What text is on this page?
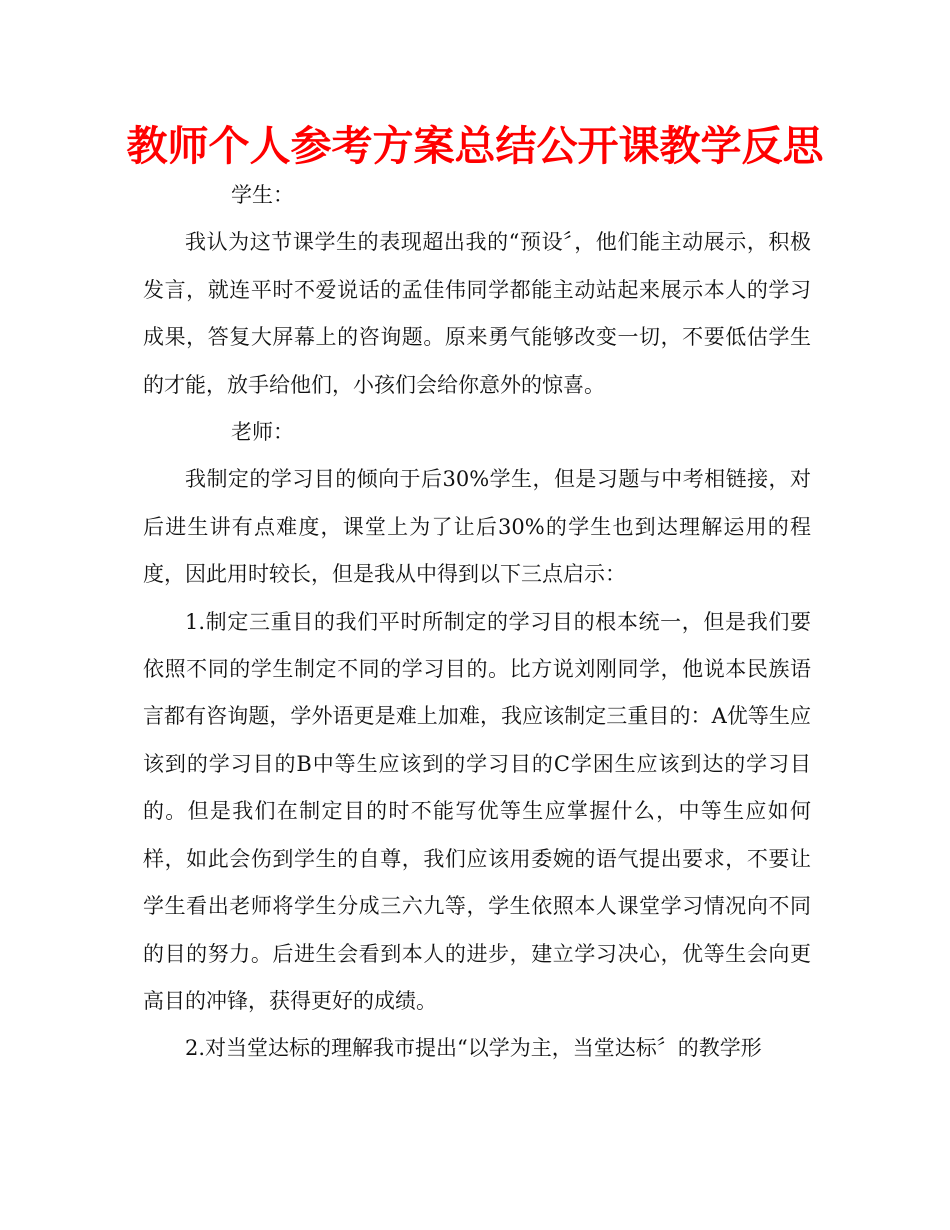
教师个人参考方案总结公开课教学反思

学生：

我认为这节课学生的表现超出我的“预设〞，他们能主动展示，积极发言，就连平时不爱说话的孟佳伟同学都能主动站起来展示本人的学习成果，答复大屏幕上的咨询题。原来勇气能够改变一切，不要低估学生的才能，放手给他们，小孩们会给你意外的惊喜。

老师：

我制定的学习目的倾向于后30%学生，但是习题与中考相链接，对后进生讲有点难度，课堂上为了让后30%的学生也到达理解运用的程度，因此用时较长，但是我从中得到以下三点启示：

1.制定三重目的我们平时所制定的学习目的根本统一，但是我们要依照不同的学生制定不同的学习目的。比方说刘刚同学，他说本民族语言都有咨询题，学外语更是难上加难，我应该制定三重目的：A优等生应该到的学习目的B中等生应该到的学习目的C学困生应该到达的学习目的。但是我们在制定目的时不能写优等生应掌握什么，中等生应如何样，如此会伤到学生的自尊，我们应该用委婉的语气提出要求，不要让学生看出老师将学生分成三六九等，学生依照本人课堂学习情况向不同的目的努力。后进生会看到本人的进步，建立学习决心，优等生会向更高目的冲锋，获得更好的成绩。

2.对当堂达标的理解我市提出“以学为主，当堂达标〞的教学形
